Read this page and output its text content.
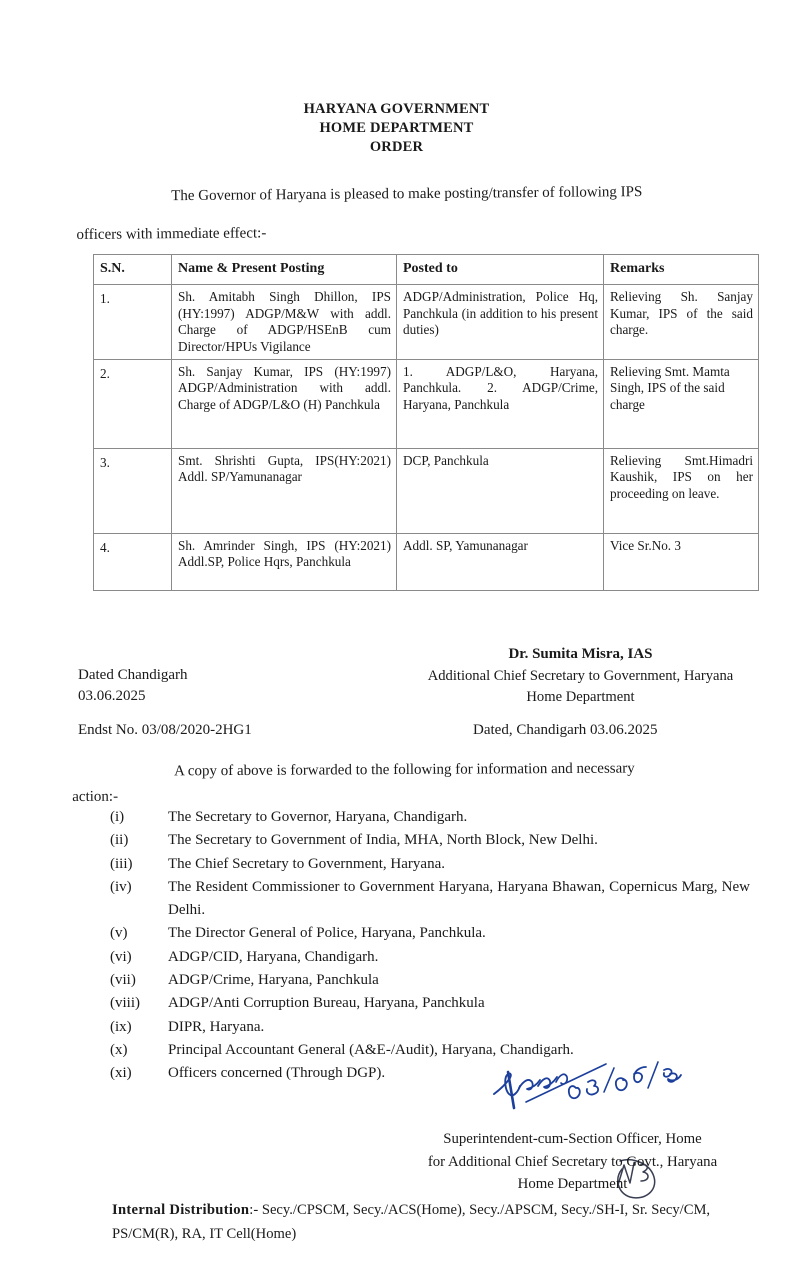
HARYANA GOVERNMENT
HOME DEPARTMENT
ORDER
The Governor of Haryana is pleased to make posting/transfer of following IPS
officers with immediate effect:-
S.N.	Name & Present Posting	Posted to	Remarks
1.	Sh. Amitabh Singh Dhillon, IPS (HY:1997) ADGP/M&W with addl. Charge of ADGP/HSEnB cum Director/HPUs Vigilance	ADGP/Administration, Police Hq, Panchkula (in addition to his present duties)	Relieving Sh. Sanjay Kumar, IPS of the said charge.
2.	Sh. Sanjay Kumar, IPS (HY:1997) ADGP/Administration with addl. Charge of ADGP/L&O (H) Panchkula	1. ADGP/L&O, Haryana, Panchkula. 2. ADGP/Crime, Haryana, Panchkula	Relieving Smt. Mamta Singh, IPS of the said charge
3.	Smt. Shrishti Gupta, IPS(HY:2021) Addl. SP/Yamunanagar	DCP, Panchkula	Relieving Smt.Himadri Kaushik, IPS on her proceeding on leave.
4.	Sh. Amrinder Singh, IPS (HY:2021) Addl.SP, Police Hqrs, Panchkula	Addl. SP, Yamunanagar	Vice Sr.No. 3
Dated Chandigarh
03.06.2025
Dr. Sumita Misra, IAS
Additional Chief Secretary to Government, Haryana
Home Department
Endst No. 03/08/2020-2HG1	Dated, Chandigarh 03.06.2025
A copy of above is forwarded to the following for information and necessary
action:-
(i)	The Secretary to Governor, Haryana, Chandigarh.
(ii)	The Secretary to Government of India, MHA, North Block, New Delhi.
(iii)	The Chief Secretary to Government, Haryana.
(iv)	The Resident Commissioner to Government Haryana, Haryana Bhawan, Copernicus Marg, New Delhi.
(v)	The Director General of Police, Haryana, Panchkula.
(vi)	ADGP/CID, Haryana, Chandigarh.
(vii)	ADGP/Crime, Haryana, Panchkula
(viii)	ADGP/Anti Corruption Bureau, Haryana, Panchkula
(ix)	DIPR, Haryana.
(x)	Principal Accountant General (A&E-/Audit), Haryana, Chandigarh.
(xi)	Officers concerned (Through DGP).
Superintendent-cum-Section Officer, Home
for Additional Chief Secretary to Govt., Haryana
Home Department
Internal Distribution:- Secy./CPSCM, Secy./ACS(Home), Secy./APSCM, Secy./SH-I, Sr. Secy/CM, PS/CM(R), RA, IT Cell(Home)
